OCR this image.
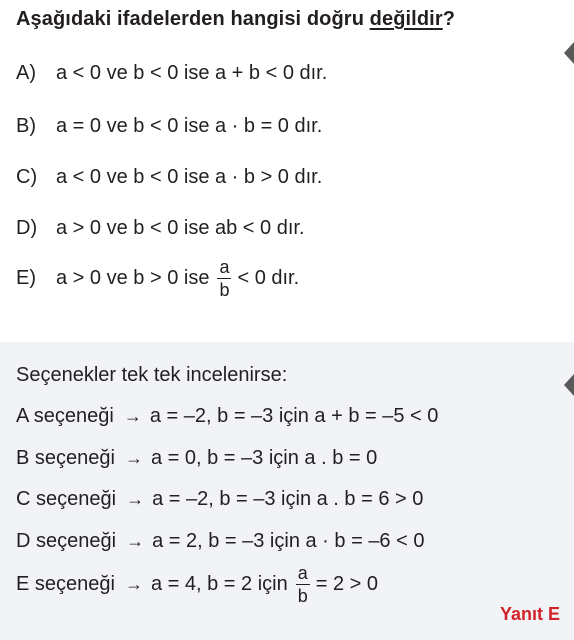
Aşağıdaki ifadelerden hangisi doğru değildir?
A)	a < 0 ve b < 0 ise a + b < 0 dır.
B)	a = 0 ve b < 0 ise a · b = 0 dır.
C) a < 0 ve b < 0 ise a · b > 0 dır.
D) a > 0 ve b < 0 ise ab < 0 dır.
E)	a > 0 ve b > 0 ise $\frac{a}{b} < 0$ dır.
Seçenekler tek tek incelenirse:
A seçeneği → a = –2, b = –3 için a + b = –5 < 0
B seçeneği → a = 0, b = –3 için a . b = 0
C seçeneği → a = –2, b = –3 için a . b = 6 > 0
D seçeneği → a = 2, b = –3 için a · b = –6 < 0
E seçeneği → a = 4, b = 2 için $\frac{a}{b} = 2 > 0$
Yanıt E
